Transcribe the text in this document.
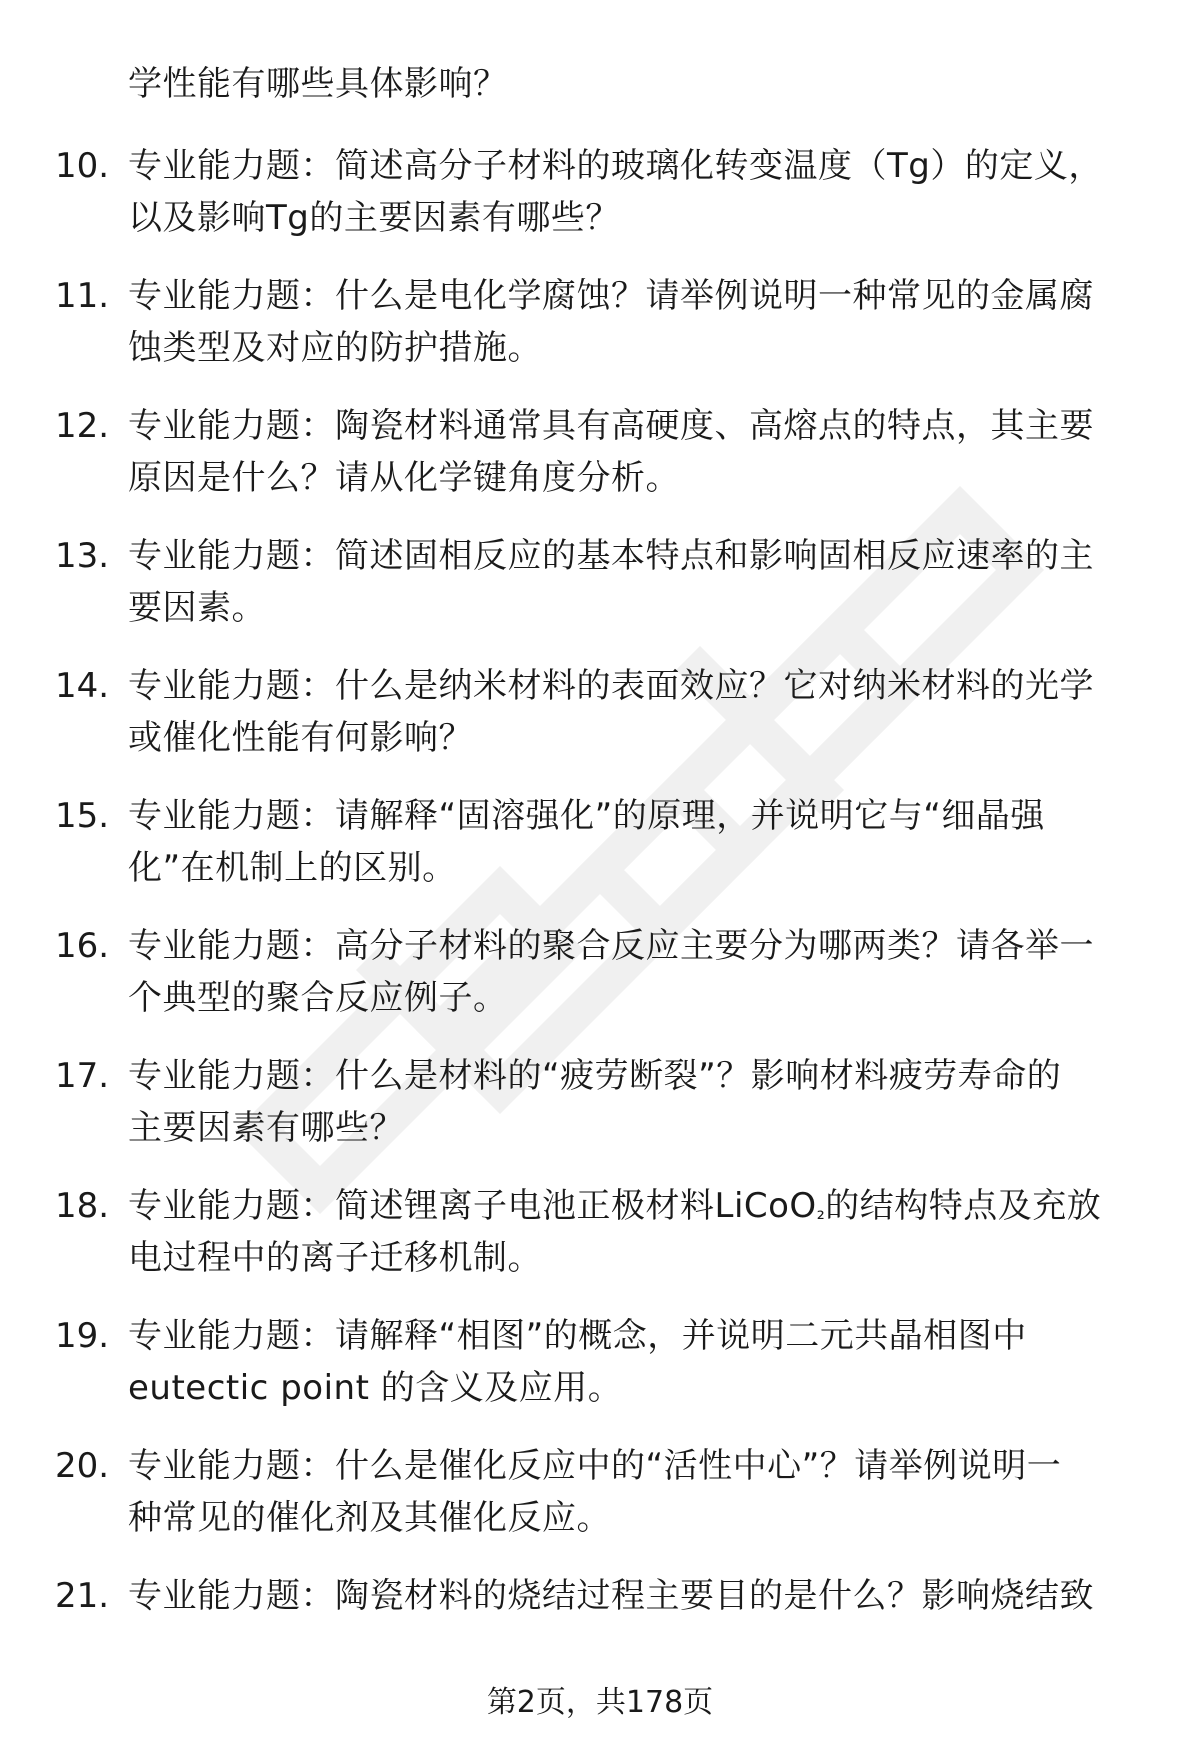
学性能有哪些具体影响？
10. 专业能力题：简述高分子材料的玻璃化转变温度（Tg）的定义，
以及影响Tg的主要因素有哪些？
11. 专业能力题：什么是电化学腐蚀？请举例说明一种常见的金属腐
蚀类型及对应的防护措施。
12. 专业能力题：陶瓷材料通常具有高硬度、高熔点的特点，其主要
原因是什么？请从化学键角度分析。
13. 专业能力题：简述固相反应的基本特点和影响固相反应速率的主
要因素。
14. 专业能力题：什么是纳米材料的表面效应？它对纳米材料的光学
或催化性能有何影响？
15. 专业能力题：请解释“固溶强化”的原理，并说明它与“细晶强
化”在机制上的区别。
16. 专业能力题：高分子材料的聚合反应主要分为哪两类？请各举一
个典型的聚合反应例子。
17. 专业能力题：什么是材料的“疲劳断裂”？影响材料疲劳寿命的
主要因素有哪些？
18. 专业能力题：简述锂离子电池正极材料LiCoO₂的结构特点及充放
电过程中的离子迁移机制。
19. 专业能力题：请解释“相图”的概念，并说明二元共晶相图中
eutectic point 的含义及应用。
20. 专业能力题：什么是催化反应中的“活性中心”？请举例说明一
种常见的催化剂及其催化反应。
21. 专业能力题：陶瓷材料的烧结过程主要目的是什么？影响烧结致
第2页，共178页
